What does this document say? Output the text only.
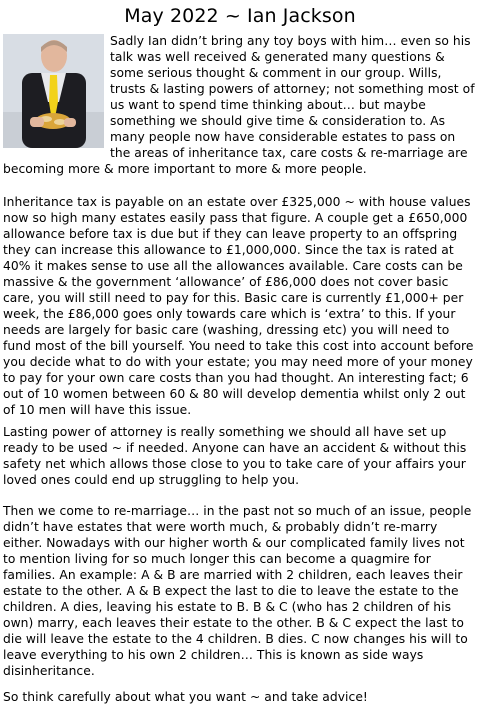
May 2022 ~ Ian Jackson

Sadly Ian didn’t bring any toy boys with him… even so his talk was well received & generated many questions & some serious thought & comment in our group. Wills, trusts & lasting powers of attorney; not something most of us want to spend time thinking about… but maybe something we should give time & consideration to. As many people now have considerable estates to pass on the areas of inheritance tax, care costs & re-marriage are becoming more & more important to more & more people.

Inheritance tax is payable on an estate over £325,000 ~ with house values now so high many estates easily pass that figure. A couple get a £650,000 allowance before tax is due but if they can leave property to an offspring they can increase this allowance to £1,000,000. Since the tax is rated at 40% it makes sense to use all the allowances available. Care costs can be massive & the government ‘allowance’ of £86,000 does not cover basic care, you will still need to pay for this. Basic care is currently £1,000+ per week, the £86,000 goes only towards care which is ‘extra’ to this. If your needs are largely for basic care (washing, dressing etc) you will need to fund most of the bill yourself. You need to take this cost into account before you decide what to do with your estate; you may need more of your money to pay for your own care costs than you had thought. An interesting fact; 6 out of 10 women between 60 & 80 will develop dementia whilst only 2 out of 10 men will have this issue.

Lasting power of attorney is really something we should all have set up ready to be used ~ if needed. Anyone can have an accident & without this safety net which allows those close to you to take care of your affairs your loved ones could end up struggling to help you.

Then we come to re-marriage… in the past not so much of an issue, people didn’t have estates that were worth much, & probably didn’t re-marry either. Nowadays with our higher worth & our complicated family lives not to mention living for so much longer this can become a quagmire for families. An example: A & B are married with 2 children, each leaves their estate to the other. A & B expect the last to die to leave the estate to the children. A dies, leaving his estate to B. B & C (who has 2 children of his own) marry, each leaves their estate to the other. B & C expect the last to die will leave the estate to the 4 children. B dies. C now changes his will to leave everything to his own 2 children… This is known as side ways disinheritance.

So think carefully about what you want ~ and take advice!
